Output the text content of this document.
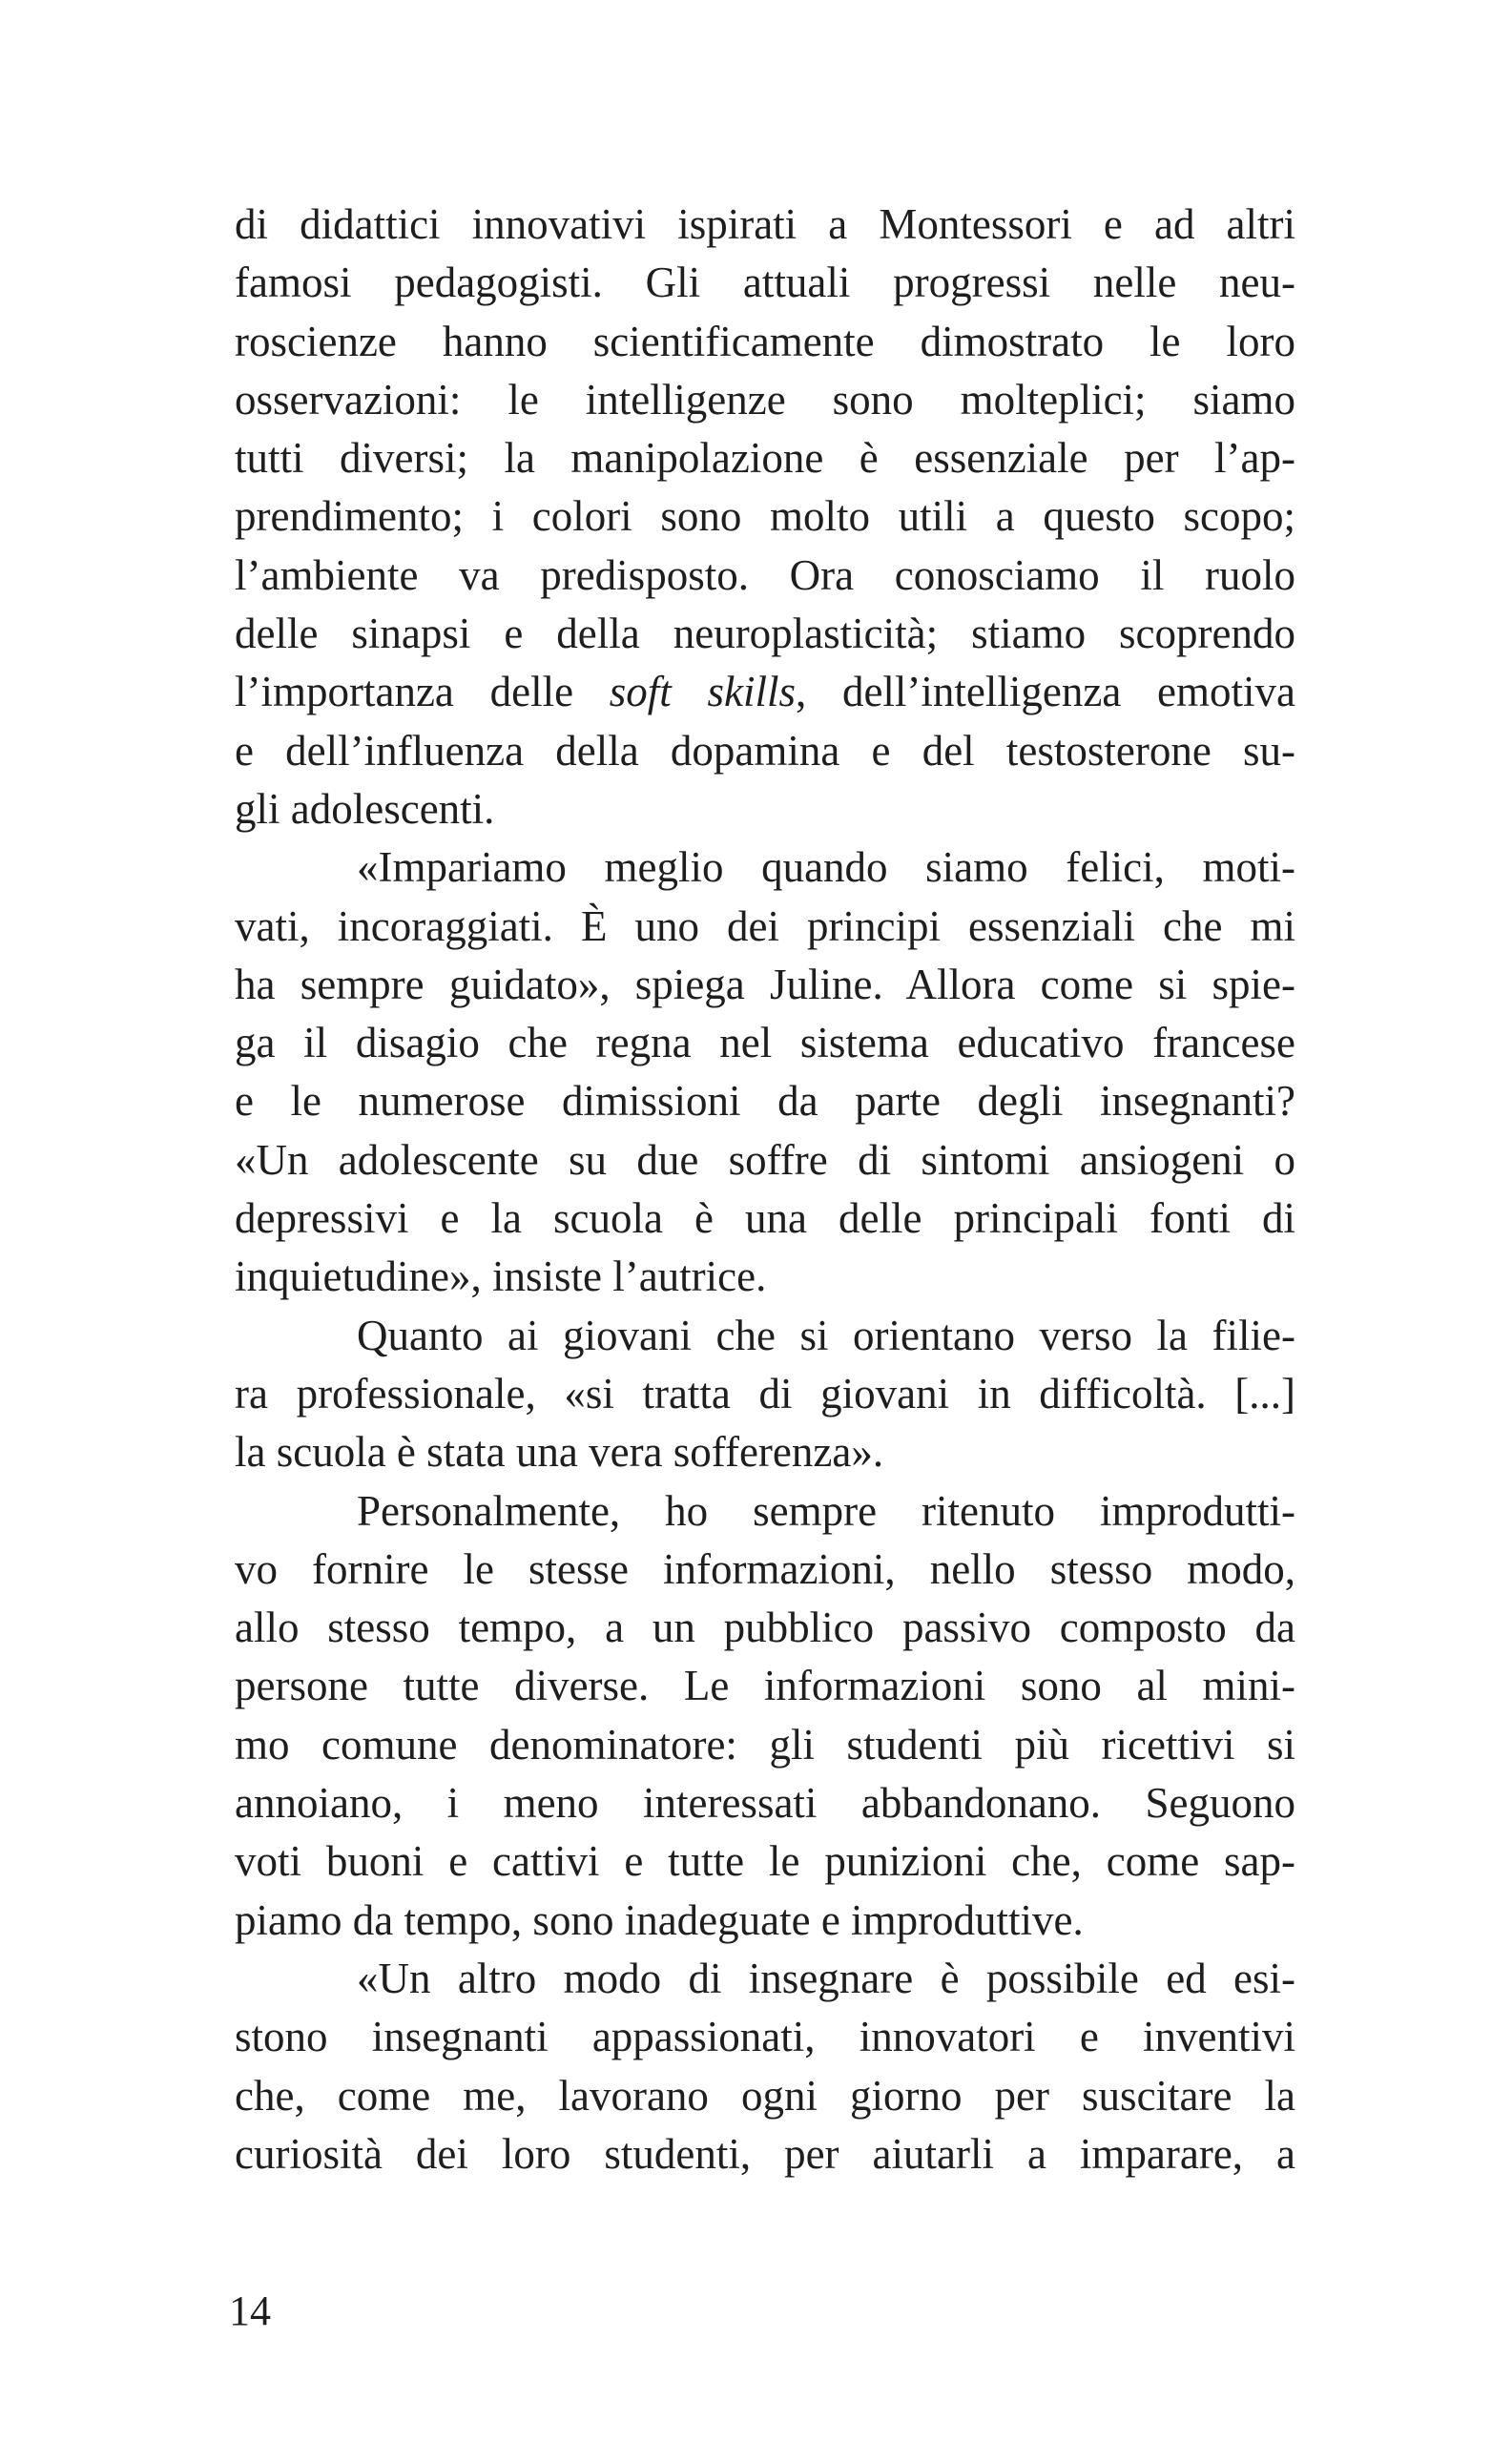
di didattici innovativi ispirati a Montessori e ad altri
famosi pedagogisti. Gli attuali progressi nelle neu-
roscienze hanno scientificamente dimostrato le loro
osservazioni: le intelligenze sono molteplici; siamo
tutti diversi; la manipolazione è essenziale per l’ap-
prendimento; i colori sono molto utili a questo scopo;
l’ambiente va predisposto. Ora conosciamo il ruolo
delle sinapsi e della neuroplasticità; stiamo scoprendo
l’importanza delle soft skills, dell’intelligenza emotiva
e dell’influenza della dopamina e del testosterone su-
gli adolescenti.
«Impariamo meglio quando siamo felici, moti-
vati, incoraggiati. È uno dei principi essenziali che mi
ha sempre guidato», spiega Juline. Allora come si spie-
ga il disagio che regna nel sistema educativo francese
e le numerose dimissioni da parte degli insegnanti?
«Un adolescente su due soffre di sintomi ansiogeni o
depressivi e la scuola è una delle principali fonti di
inquietudine», insiste l’autrice.
Quanto ai giovani che si orientano verso la filie-
ra professionale, «si tratta di giovani in difficoltà. [...]
la scuola è stata una vera sofferenza».
Personalmente, ho sempre ritenuto improdutti-
vo fornire le stesse informazioni, nello stesso modo,
allo stesso tempo, a un pubblico passivo composto da
persone tutte diverse. Le informazioni sono al mini-
mo comune denominatore: gli studenti più ricettivi si
annoiano, i meno interessati abbandonano. Seguono
voti buoni e cattivi e tutte le punizioni che, come sap-
piamo da tempo, sono inadeguate e improduttive.
«Un altro modo di insegnare è possibile ed esi-
stono insegnanti appassionati, innovatori e inventivi
che, come me, lavorano ogni giorno per suscitare la
curiosità dei loro studenti, per aiutarli a imparare, a
14
